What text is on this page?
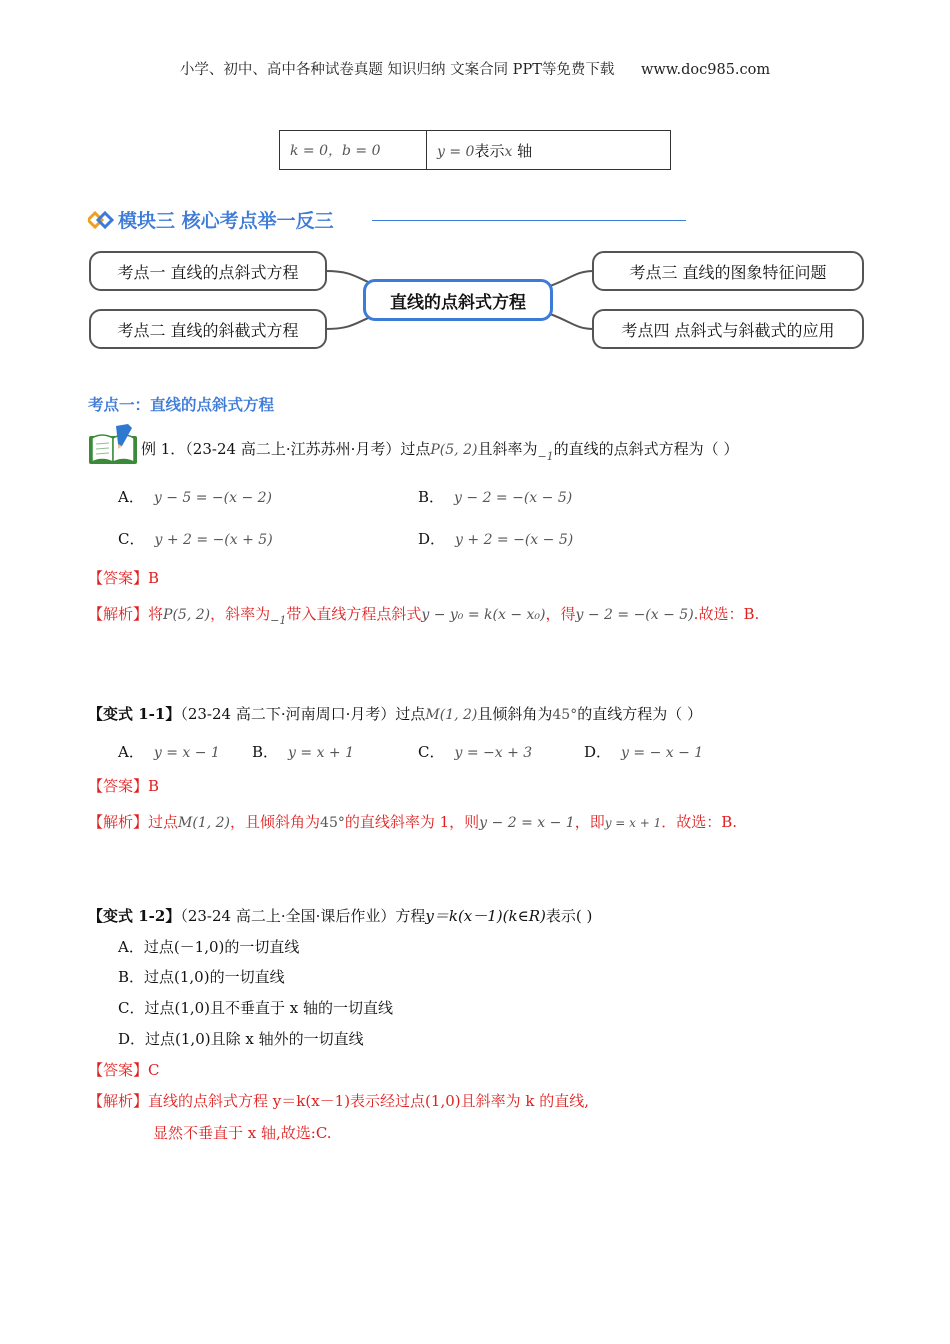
小学、初中、高中各种试卷真题 知识归纳 文案合同 PPT等免费下载 www.doc985.com
k = 0，b = 0	y = 0表示x 轴
模块三 核心考点举一反三
考点一 直线的点斜式方程
考点二 直线的斜截式方程
直线的点斜式方程
考点三 直线的图象特征问题
考点四 点斜式与斜截式的应用
考点一：直线的点斜式方程
例 1．（23-24 高二上·江苏苏州·月考）过点P(5, 2)且斜率为$_{-1}$的直线的点斜式方程为（ ）
A． y − 5 = −(x − 2)	B． y − 2 = −(x − 5)
C． y + 2 = −(x + 5)	D． y + 2 = −(x − 5)
【答案】B
【解析】将P(5, 2)，斜率为$_{-1}$带入直线方程点斜式y − y₀ = k(x − x₀)，得y − 2 = −(x − 5).故选：B.
【变式 1-1】（23-24 高二下·河南周口·月考）过点M(1, 2)且倾斜角为45°的直线方程为（ ）
A． y = x − 1 B． y = x + 1	C． y = −x + 3	D． y = − x − 1
【答案】B
【解析】过点M(1, 2)，且倾斜角为45°的直线斜率为 1，则y − 2 = x − 1，即y = x + 1．故选：B.
【变式 1-2】（23-24 高二上·全国·课后作业）方程y＝k(x－1)(k∈R)表示( )
A．过点(－1,0)的一切直线
B．过点(1,0)的一切直线
C．过点(1,0)且不垂直于 x 轴的一切直线
D．过点(1,0)且除 x 轴外的一切直线
【答案】C
【解析】直线的点斜式方程 y＝k(x－1)表示经过点(1,0)且斜率为 k 的直线,
显然不垂直于 x 轴,故选:C.
